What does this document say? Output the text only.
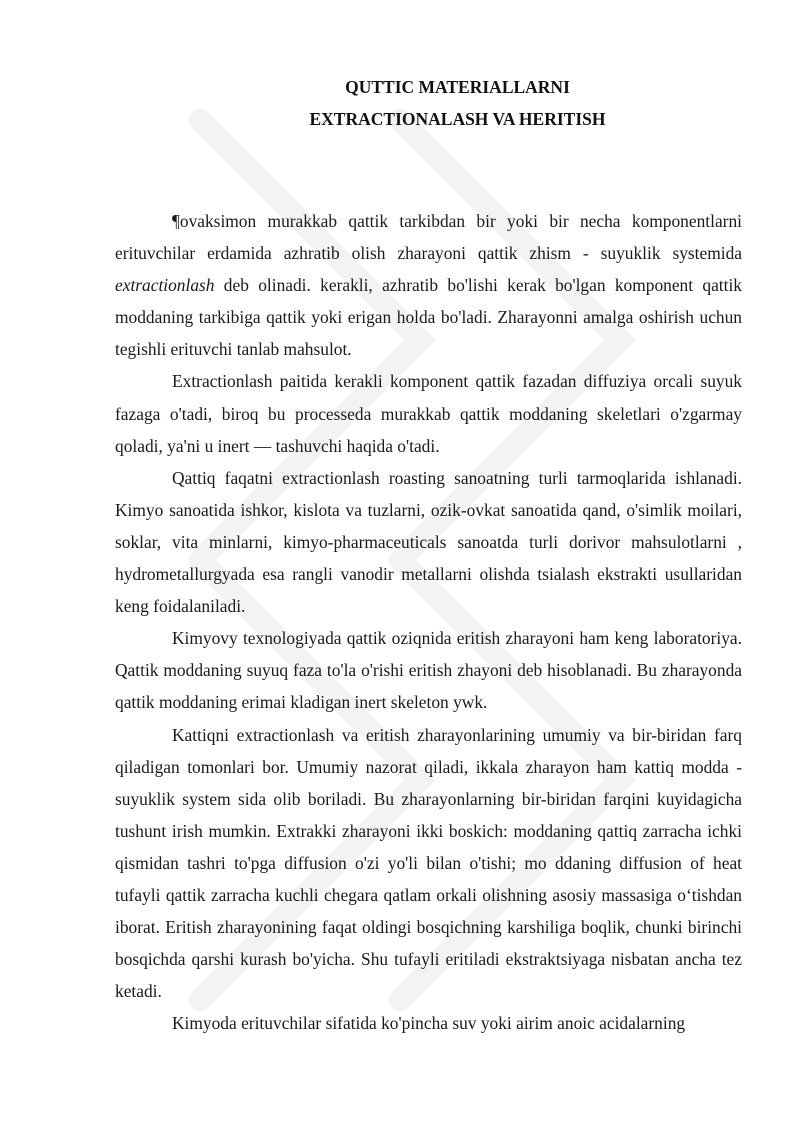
QUTTIC MATERIALLARNI
EXTRACTIONALASH VA HERITISH

¶ovaksimon murakkab qattik tarkibdan bir yoki bir necha komponentlarni erituvchilar erdamida azhratib olish zharayoni qattik zhism - suyuklik systemida extractionlash deb olinadi. kerakli, azhratib bo'lishi kerak bo'lgan komponent qattik moddaning tarkibiga qattik yoki erigan holda bo'ladi. Zharayonni amalga oshirish uchun tegishli erituvchi tanlab mahsulot.

Extractionlash paitida kerakli komponent qattik fazadan diffuziya orcali suyuk fazaga o'tadi, biroq bu processeda murakkab qattik moddaning skeletlari o'zgarmay qoladi, ya'ni u inert — tashuvchi haqida o'tadi.

Qattiq faqatni extractionlash roasting sanoatning turli tarmoqlarida ishlanadi. Kimyo sanoatida ishkor, kislota va tuzlarni, ozik-ovkat sanoatida qand, o'simlik moilari, soklar, vita minlarni, kimyo-pharmaceuticals sanoatda turli dorivor mahsulotlarni , hydrometallurgyada esa rangli vanodir metallarni olishda tsialash ekstrakti usullaridan keng foidalaniladi.

Kimyovy texnologiyada qattik oziqnida eritish zharayoni ham keng laboratoriya. Qattik moddaning suyuq faza to'la o'rishi eritish zhayoni deb hisoblanadi. Bu zharayonda qattik moddaning erimai kladigan inert skeleton ywk.

Kattiqni extractionlash va eritish zharayonlarining umumiy va bir-biridan farq qiladigan tomonlari bor. Umumiy nazorat qiladi, ikkala zharayon ham kattiq modda - suyuklik system sida olib boriladi. Bu zharayonlarning bir-biridan farqini kuyidagicha tushunt irish mumkin. Extrakki zharayoni ikki boskich: moddaning qattiq zarracha ichki qismidan tashri to'pga diffusion o'zi yo'li bilan o'tishi; mo ddaning diffusion of heat tufayli qattik zarracha kuchli chegara qatlam orkali olishning asosiy massasiga o‘tishdan iborat. Eritish zharayonining faqat oldingi bosqichning karshiliga boqlik, chunki birinchi bosqichda qarshi kurash bo'yicha. Shu tufayli eritiladi ekstraktsiyaga nisbatan ancha tez ketadi.

Kimyoda erituvchilar sifatida ko'pincha suv yoki airim anoic acidalarning
